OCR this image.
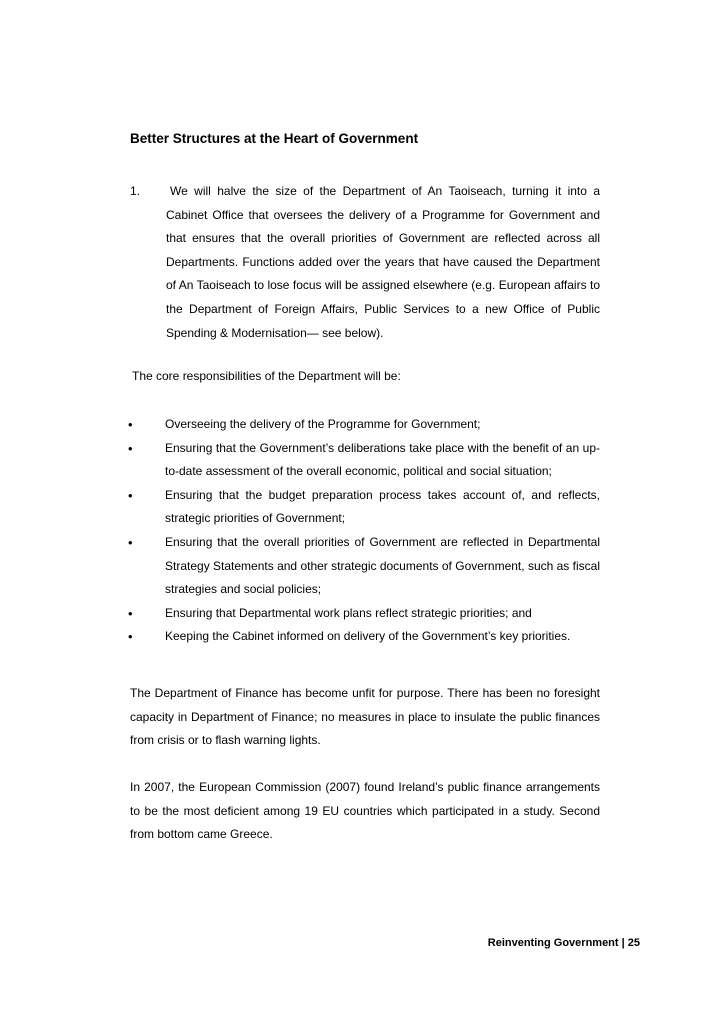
Better Structures at the Heart of Government
1.	We will halve the size of the Department of An Taoiseach, turning it into a Cabinet Office that oversees the delivery of a Programme for Government and that ensures that the overall priorities of Government are reflected across all Departments. Functions added over the years that have caused the Department of An Taoiseach to lose focus will be assigned elsewhere (e.g. European affairs to the Department of Foreign Affairs, Public Services to a new Office of Public Spending & Modernisation— see below).
The core responsibilities of the Department will be:
•	Overseeing the delivery of the Programme for Government;
•	Ensuring that the Government’s deliberations take place with the benefit of an up-to-date assessment of the overall economic, political and social situation;
•	Ensuring that the budget preparation process takes account of, and reflects, strategic priorities of Government;
•	Ensuring that the overall priorities of Government are reflected in Departmental Strategy Statements and other strategic documents of Government, such as fiscal strategies and social policies;
•	Ensuring that Departmental work plans reflect strategic priorities; and
•	Keeping the Cabinet informed on delivery of the Government’s key priorities.
The Department of Finance has become unfit for purpose. There has been no foresight capacity in Department of Finance; no measures in place to insulate the public finances from crisis or to flash warning lights.
In 2007, the European Commission (2007) found Ireland’s public finance arrangements to be the most deficient among 19 EU countries which participated in a study. Second from bottom came Greece.
Reinventing Government | 25
